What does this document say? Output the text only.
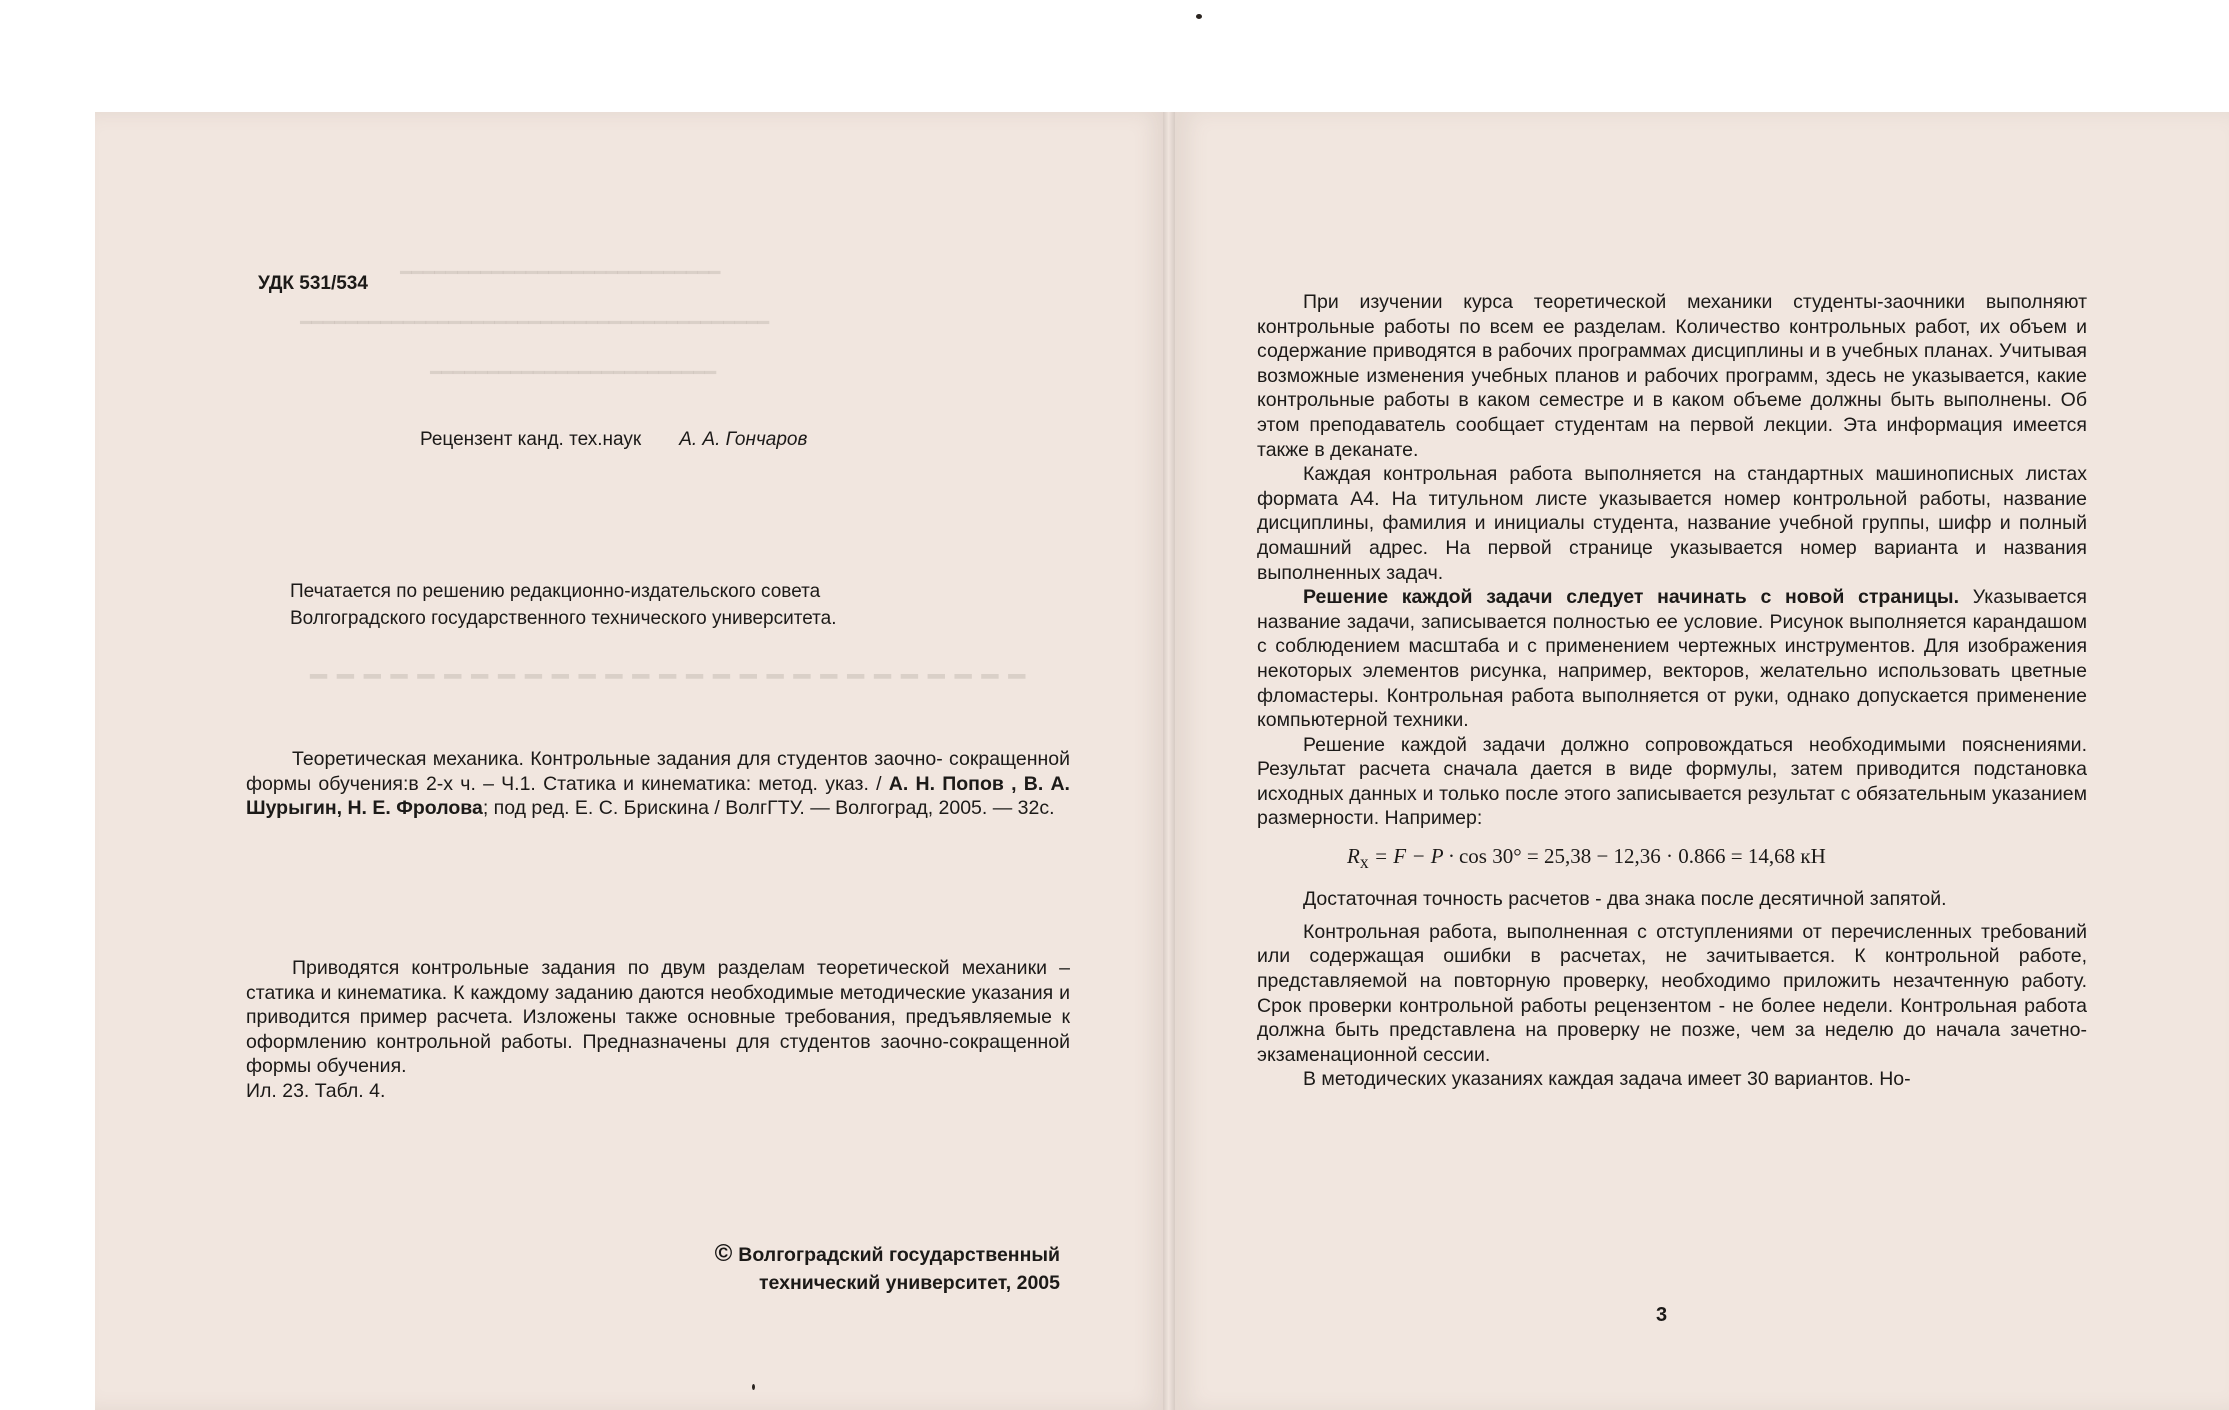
━━━━━━━━━━━━━━━━━━━━━━━━━━━━
━━━━━━━━━━━━━━━━━━━━━━━━━━━━━━━━━━━━━━━━━
━━━━━━━━━━━━━━━━━━━━━━━━━
━━━━━━━━━━━━━━━━━━━━━━━━━━━

УДК 531/534

Рецензент канд. тех.наук А. А. Гончаров

Печатается по решению редакционно-издательского совета
Волгоградского государственного технического университета.

Теоретическая механика. Контрольные задания для студентов заочно- сокращенной формы обучения:в 2-х ч. – Ч.1. Статика и кинематика: метод. указ. / А. Н. Попов , В. А. Шурыгин, Н. Е. Фролова; под ред. Е. С. Брискина / ВолгГТУ. — Волгоград, 2005. — 32с.

Приводятся контрольные задания по двум разделам теоретической механики – статика и кинематика. К каждому заданию даются необходимые методические указания и приводится пример расчета. Изложены также основные требования, предъявляемые к оформлению контрольной работы. Предназначены для студентов заочно-сокращенной формы обучения.
Ил. 23. Табл. 4.

© Волгоградский государственный
технический университет, 2005

При изучении курса теоретической механики студенты-заочники выполняют контрольные работы по всем ее разделам. Количество контрольных работ, их объем и содержание приводятся в рабочих программах дисциплины и в учебных планах. Учитывая возможные изменения учебных планов и рабочих программ, здесь не указывается, какие контрольные работы в каком семестре и в каком объеме должны быть выполнены. Об этом преподаватель сообщает студентам на первой лекции. Эта информация имеется также в деканате.

Каждая контрольная работа выполняется на стандартных машинописных листах формата А4. На титульном листе указывается номер контрольной работы, название дисциплины, фамилия и инициалы студента, название учебной группы, шифр и полный домашний адрес. На первой странице указывается номер варианта и названия выполненных задач.

Решение каждой задачи следует начинать с новой страницы. Указывается название задачи, записывается полностью ее условие. Рисунок выполняется карандашом с соблюдением масштаба и с применением чертежных инструментов. Для изображения некоторых элементов рисунка, например, векторов, желательно использовать цветные фломастеры. Контрольная работа выполняется от руки, однако допускается применение компьютерной техники.

Решение каждой задачи должно сопровождаться необходимыми пояснениями. Результат расчета сначала дается в виде формулы, затем приводится подстановка исходных данных и только после этого записывается результат с обязательным указанием размерности. Например:

$R_x = F - P \cdot \cos 30^\circ = 25,38 - 12,36 \cdot 0.866 = 14,68$ кН

Достаточная точность расчетов - два знака после десятичной запятой.

Контрольная работа, выполненная с отступлениями от перечисленных требований или содержащая ошибки в расчетах, не зачитывается. К контрольной работе, представляемой на повторную проверку, необходимо приложить незачтенную работу. Срок проверки контрольной работы рецензентом - не более недели. Контрольная работа должна быть представлена на проверку не позже, чем за неделю до начала зачетно-экзаменационной сессии.

В методических указаниях каждая задача имеет 30 вариантов. Но-

3
